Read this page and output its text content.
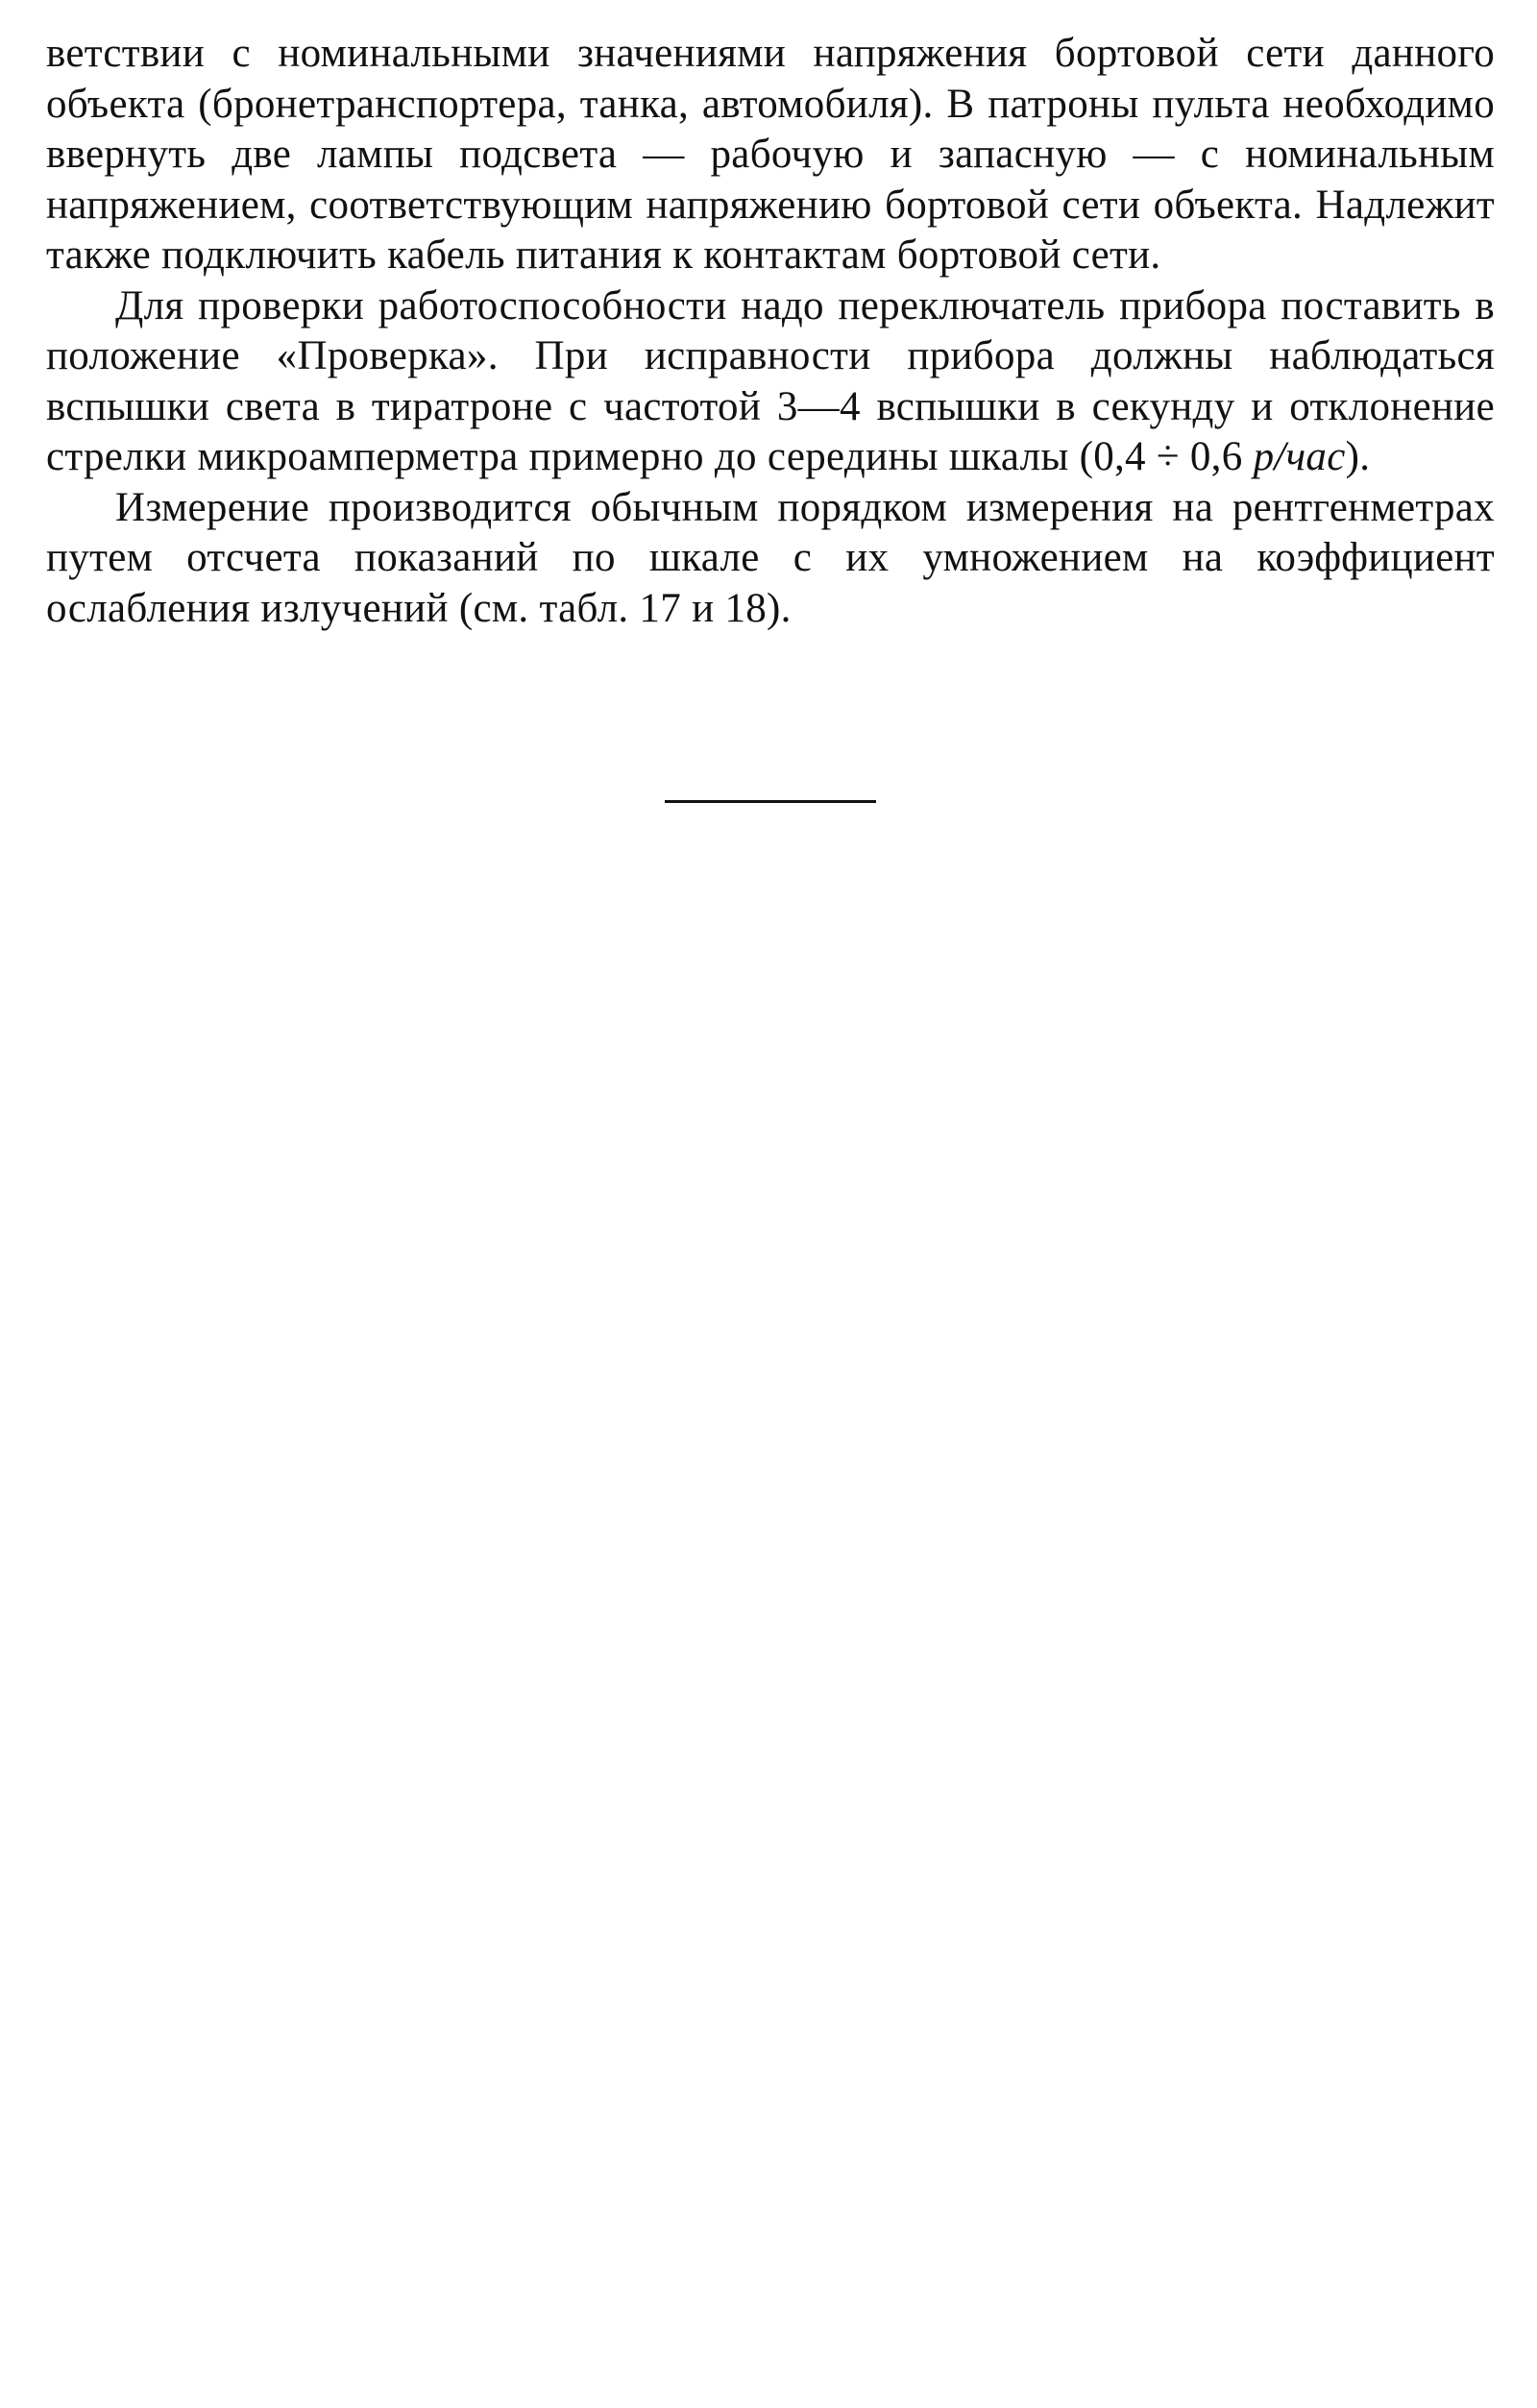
ветствии с номинальными значениями напряжения бортовой сети данного объекта (бронетранспортера, танка, автомобиля). В патроны пульта необходимо ввернуть две лампы подсвета — рабочую и запасную — с номинальным напряжением, соответствующим напряжению бортовой сети объекта. Надлежит также подключить кабель питания к контактам бортовой сети.

Для проверки работоспособности надо переключатель прибора поставить в положение «Проверка». При исправности прибора должны наблюдаться вспышки света в тиратроне с частотой 3—4 вспышки в секунду и отклонение стрелки микроамперметра примерно до середины шкалы (0,4 ÷ 0,6 р/час).

Измерение производится обычным порядком измерения на рентгенметрах путем отсчета показаний по шкале с их умножением на коэффициент ослабления излучений (см. табл. 17 и 18).
